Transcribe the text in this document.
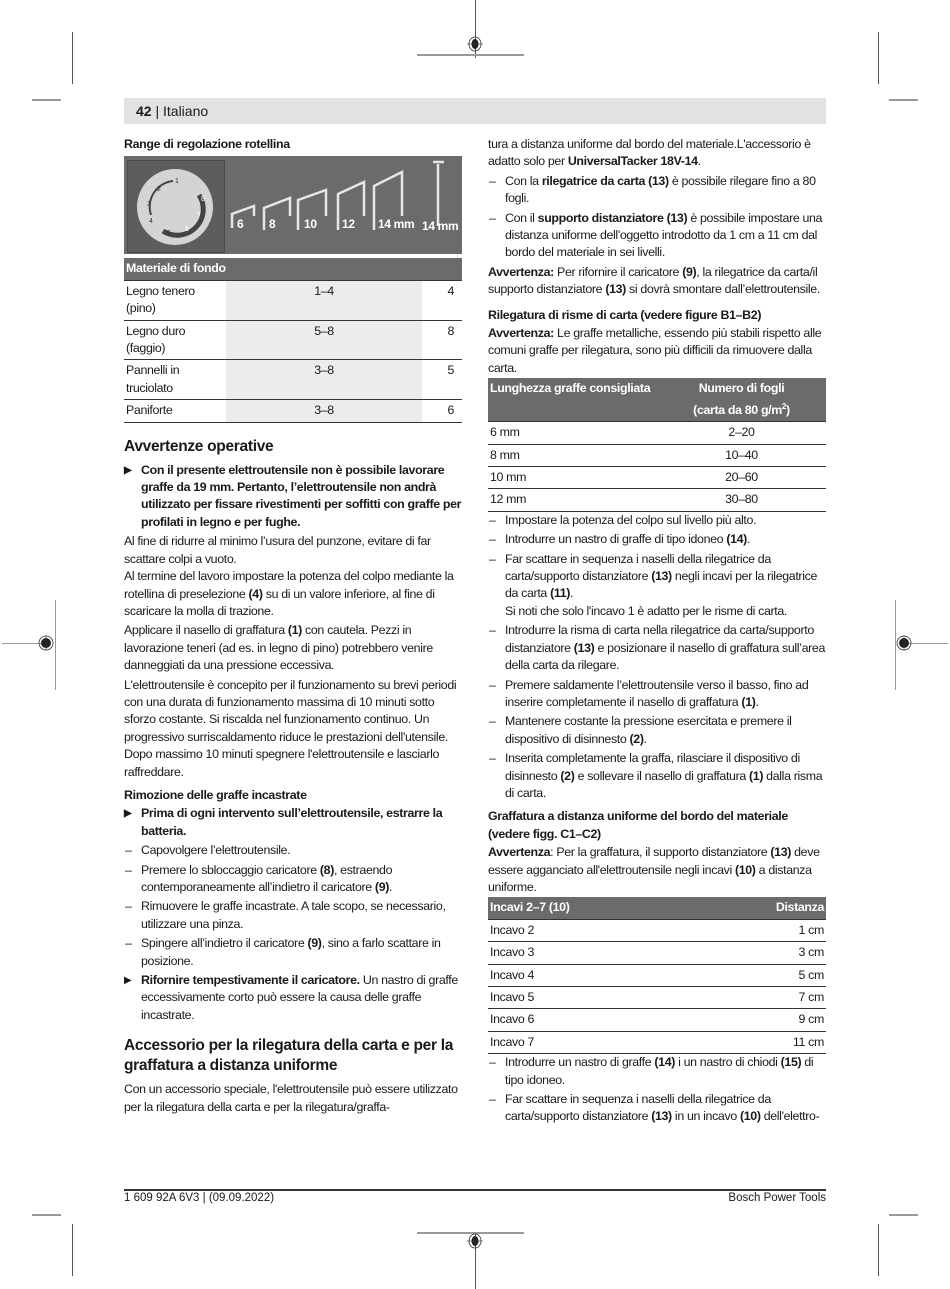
42 | Italiano
Range di regolazione rotellina
1
2
3
4
5
6
7
8
6 8 10 12 14 mm 14 mm
Materiale di fondo		
Legno tenero (pino)	1–4	4
Legno duro (faggio)	5–8	8
Pannelli in truciolato	3–8	5
Paniforte	3–8	6
Avvertenze operative
▶ Con il presente elettroutensile non è possibile lavorare graffe da 19 mm. Pertanto, l’elettroutensile non andrà utilizzato per fissare rivestimenti per soffitti con graffe per profilati in legno e per fughe.

Al fine di ridurre al minimo l’usura del punzone, evitare di far scattare colpi a vuoto.

Al termine del lavoro impostare la potenza del colpo mediante la rotellina di preselezione (4) su di un valore inferiore, al fine di scaricare la molla di trazione.

Applicare il nasello di graffatura (1) con cautela. Pezzi in lavorazione teneri (ad es. in legno di pino) potrebbero venire danneggiati da una pressione eccessiva.

L'elettroutensile è concepito per il funzionamento su brevi periodi con una durata di funzionamento massima di 10 minuti sotto sforzo costante. Si riscalda nel funzionamento continuo. Un progressivo surriscaldamento riduce le prestazioni dell'utensile.

Dopo massimo 10 minuti spegnere l'elettroutensile e lasciarlo raffreddare.

Rimozione delle graffe incastrate
▶ Prima di ogni intervento sull’elettroutensile, estrarre la batteria.
– Capovolgere l’elettroutensile.
– Premere lo sbloccaggio caricatore (8), estraendo contemporaneamente all’indietro il caricatore (9).
– Rimuovere le graffe incastrate. A tale scopo, se necessario, utilizzare una pinza.
– Spingere all’indietro il caricatore (9), sino a farlo scattare in posizione.
▶ Rifornire tempestivamente il caricatore. Un nastro di graffe eccessivamente corto può essere la causa delle graffe incastrate.
Accessorio per la rilegatura della carta e per la graffatura a distanza uniforme

Con un accessorio speciale, l'elettroutensile può essere utilizzato per la rilegatura della carta e per la rilegatura/graffa-

tura a distanza uniforme dal bordo del materiale.L'accessorio è adatto solo per UniversalTacker 18V-14.

– Con la rilegatrice da carta (13) è possibile rilegare fino a 80 fogli.
– Con il supporto distanziatore (13) è possibile impostare una distanza uniforme dell'oggetto introdotto da 1 cm a 11 cm dal bordo del materiale in sei livelli.

Avvertenza: Per rifornire il caricatore (9), la rilegatrice da carta/il supporto distanziatore (13) si dovrà smontare dall’elettroutensile.

Rilegatura di risme di carta (vedere figure B1–B2)

Avvertenza: Le graffe metalliche, essendo più stabili rispetto alle comuni graffe per rilegatura, sono più difficili da rimuovere dalla carta.

Lunghezza graffe consigliata	Numero di fogli
(carta da 80 $g/m^2$)
6 mm	2–20
8 mm	10–40
10 mm	20–60
12 mm	30–80
– Impostare la potenza del colpo sul livello più alto.
– Introdurre un nastro di graffe di tipo idoneo (14).
– Far scattare in sequenza i naselli della rilegatrice da carta/supporto distanziatore (13) negli incavi per la rilegatrice da carta (11).
Si noti che solo l'incavo 1 è adatto per le risme di carta.
– Introdurre la risma di carta nella rilegatrice da carta/supporto distanziatore (13) e posizionare il nasello di graffatura sull’area della carta da rilegare.
– Premere saldamente l’elettroutensile verso il basso, fino ad inserire completamente il nasello di graffatura (1).
– Mantenere costante la pressione esercitata e premere il dispositivo di disinnesto (2).
– Inserita completamente la graffa, rilasciare il dispositivo di disinnesto (2) e sollevare il nasello di graffatura (1) dalla risma di carta.
Graffatura a distanza uniforme del bordo del materiale (vedere figg. C1–C2)

Avvertenza: Per la graffatura, il supporto distanziatore (13) deve essere agganciato all'elettroutensile negli incavi (10) a distanza uniforme.

Incavi 2–7 (10)	Distanza
Incavo 2	1 cm
Incavo 3	3 cm
Incavo 4	5 cm
Incavo 5	7 cm
Incavo 6	9 cm
Incavo 7	11 cm
– Introdurre un nastro di graffe (14) i un nastro di chiodi (15) di tipo idoneo.
– Far scattare in sequenza i naselli della rilegatrice da carta/supporto distanziatore (13) in un incavo (10) dell'elettro-
1 609 92A 6V3 | (09.09.2022)	Bosch Power Tools
